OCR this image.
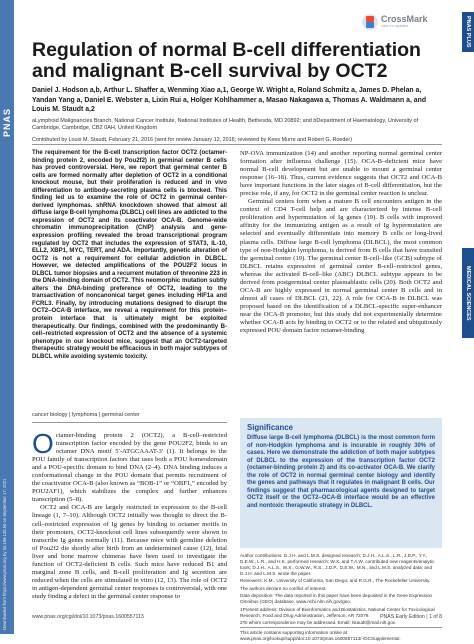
PNAS
Downloaded from https://www.pnas.org by 34.199.135.50 on September 17, 2021
PNAS PLUS
MEDICAL SCIENCES
CrossMark
click for updates
Regulation of normal B-cell differentiation and malignant B-cell survival by OCT2
Daniel J. Hodson a,b, Arthur L. Shaffer a, Wenming Xiao a,1, George W. Wright a, Roland Schmitz a, James D. Phelan a, Yandan Yang a, Daniel E. Webster a, Lixin Rui a, Holger Kohlhammer a, Masao Nakagawa a, Thomas A. Waldmann a, and Louis M. Staudt a,2
aLymphoid Malignancies Branch, National Cancer Institute, National Institutes of Health, Bethesda, MD 20892; and bDepartment of Haematology, University of Cambridge, Cambridge, CB2 0AH, United Kingdom
Contributed by Louis M. Staudt, February 21, 2016 (sent for review January 12, 2016; reviewed by Kees Murre and Robert G. Roeder)
The requirement for the B-cell transcription factor OCT2 (octamer-binding protein 2, encoded by Pou2f2) in germinal center B cells has proved controversial. Here, we report that germinal center B cells are formed normally after depletion of OCT2 in a conditional knockout mouse, but their proliferation is reduced and in vivo differentiation to antibody-secreting plasma cells is blocked. This finding led us to examine the role of OCT2 in germinal center-derived lymphomas. shRNA knockdown showed that almost all diffuse large B-cell lymphoma (DLBCL) cell lines are addicted to the expression of OCT2 and its coactivator OCA-B. Genome-wide chromatin immunoprecipitation (ChIP) analysis and gene-expression profiling revealed the broad transcriptional program regulated by OCT2 that includes the expression of STAT3, IL-10, ELL2, XBP1, MYC, TERT, and ADA. Importantly, genetic alteration of OCT2 is not a requirement for cellular addiction in DLBCL. However, we detected amplifications of the POU2F2 locus in DLBCL tumor biopsies and a recurrent mutation of threonine 223 in the DNA-binding domain of OCT2. This neomorphic mutation subtly alters the DNA-binding preference of OCT2, leading to the transactivation of noncanonical target genes including HIF1a and FCRL3. Finally, by introducing mutations designed to disrupt the OCT2–OCA-B interface, we reveal a requirement for this protein–protein interface that is ultimately might be exploited therapeutically. Our findings, combined with the predominantly B-cell–restricted expression of OCT2 and the absence of a systemic phenotype in our knockout mice, suggest that an OCT2-targeted therapeutic strategy would be efficacious in both major subtypes of DLBCL while avoiding systemic toxicity.
cancer biology | lymphoma | germinal center

Octamer-binding protein 2 (OCT2), a B-cell–restricted transcription factor encoded by the gene POU2F2, binds to an octamer DNA motif 5′-ATGCAAAT-3′ (1). It belongs to the POU family of transcription factors that uses both a POU homeodomain and a POU-specific domain to bind DNA (2–4). DNA binding induces a conformational change in the POU domain that permits recruitment of the coactivator OCA-B (also known as “BOB-1” or “OBF1,” encoded by POU2AF1), which stabilizes the complex and further enhances transcription (5–8).

OCT2 and OCA-B are largely restricted in expression to the B-cell lineage (1, 7–10). Although OCT2 initially was thought to direct the B-cell–restricted expression of Ig genes by binding to octamer motifs in their promoters, OCT2-knockout cell lines subsequently were shown to transcribe Ig genes normally (11). Because mice with germline deletion of Pou2f2 die shortly after birth from an undetermined cause (12), fetal liver and bone marrow chimeras have been used to investigate the function of OCT2-deficient B cells. Such mice have reduced B1 and marginal zone B cells, and B-cell proliferation and Ig secretion are reduced when the cells are stimulated in vitro (12, 13). The role of OCT2 in antigen-dependent germinal center responses is controversial, with one study finding a defect in the germinal center response to

NP-OVA immunization (14) and another reporting normal germinal center formation after influenza challenge (15). OCA-B–deficient mice have normal B-cell development but are unable to mount a germinal center response (16–18). Thus, current evidence suggests that OCT2 and OCA-B have important functions in the later stages of B-cell differentiation, but the precise role, if any, for OCT2 in the germinal center reaction is unclear.

Germinal centers form when a mature B cell encounters antigen in the context of CD4 T-cell help and are characterized by intense B-cell proliferation and hypermutation of Ig genes (19). B cells with improved affinity for the immunizing antigen as a result of Ig hypermutation are selected and eventually differentiate into memory B cells or long-lived plasma cells. Diffuse large B-cell lymphoma (DLBCL), the most common type of non-Hodgkin lymphoma, is derived from B cells that have transited the germinal center (19). The germinal center B-cell–like (GCB) subtype of DLBCL retains expression of germinal center B-cell–restricted genes, whereas the activated B-cell–like (ABC) DLBCL subtype appears to be derived from postgerminal center plasmablastic cells (20). Both OCT2 and OCA-B are highly expressed in normal germinal center B cells and in almost all cases of DLBCL (21, 22). A role for OCA-B in DLBCL was proposed based on the identification of a DLBCL-specific super-enhancer near the OCA-B promoter, but this study did not experimentally determine whether OCA-B acts by binding to OCT2 or to the related and ubiquitously expressed POU domain factor octamer-binding

Significance
Diffuse large B-cell lymphoma (DLBCL) is the most common form of non-Hodgkin lymphoma and is incurable in roughly 30% of cases. Here we demonstrate the addiction of both major subtypes of DLBCL to the expression of the transcription factor OCT2 (octamer-binding protein 2) and its co-activator OCA-B. We clarify the role of OCT2 in normal germinal center biology and identify the genes and pathways that it regulates in malignant B cells. Our findings suggest that pharmacological agents designed to target OCT2 itself or the OCT2–OCA-B interface would be an effective and nontoxic therapeutic strategy in DLBCL.

Author contributions: D.J.H. and L.M.S. designed research; D.J.H., A.L.S., L.R., J.D.P., Y.Y., D.E.W., L.R., and H.K. performed research; W.X. and T.A.W. contributed new reagents/analytic tools; D.J.H., A.L.S., W.X., G.W.W., R.S., J.D.P., D.E.W., M.N., and L.M.S. analyzed data; and D.J.H. and L.M.S. wrote the paper.

Reviewers: K.M., University of California, San Diego; and R.G.R., The Rockefeller University.

The authors declare no conflict of interest.

Data deposition: The data reported in this paper have been deposited in the Gene Expression Omnibus (GEO) database, www.ncbi.nlm.nih.gov/geo.

1Present address: Division of Bioinformatics and Biostatistics, National Center for Toxicological Research, Food and Drug Administration, Jefferson, AR 72079.

2To whom correspondence may be addressed. Email: lstaudt@mail.nih.gov.

This article contains supporting information online at www.pnas.org/lookup/suppl/doi:10.1073/pnas.1600557113/-/DCSupplemental.

www.pnas.org/cgi/doi/10.1073/pnas.1600557113	PNAS Early Edition | 1 of 8
